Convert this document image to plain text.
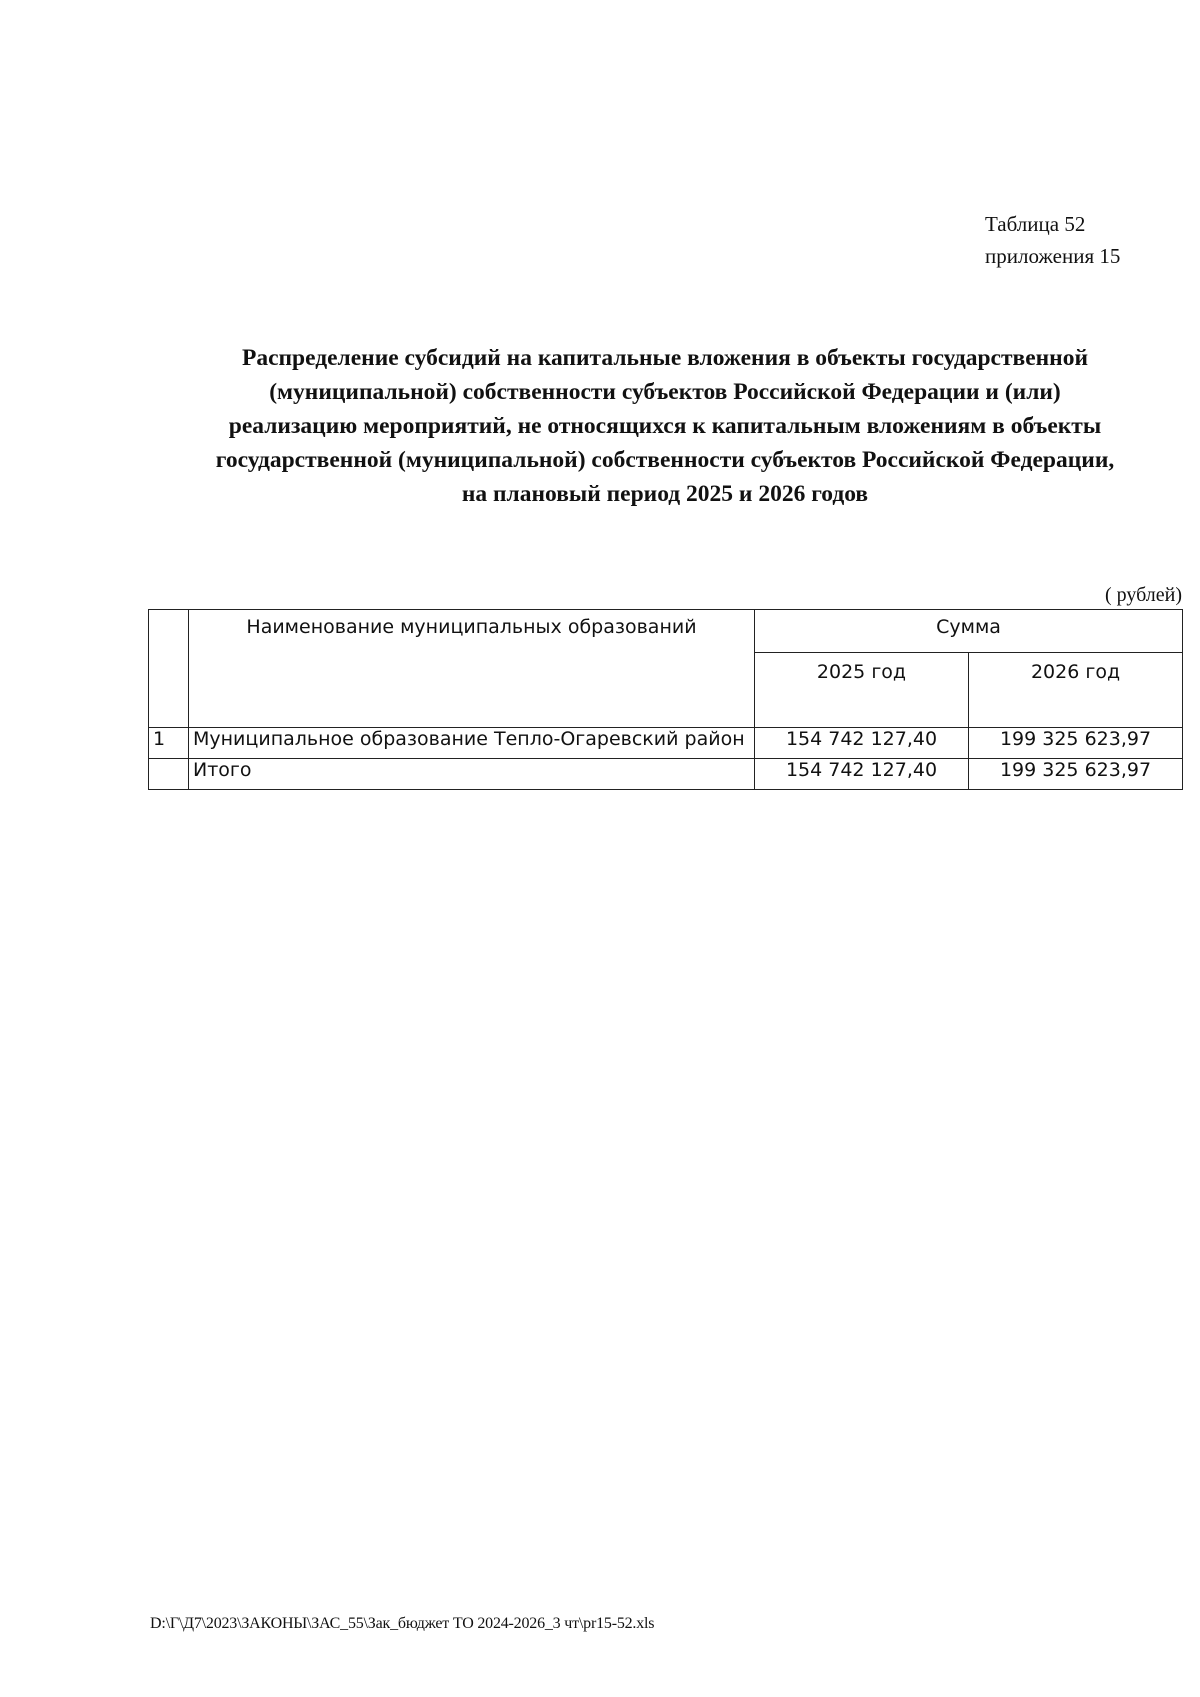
Таблица 52
приложения 15
Распределение субсидий на капитальные вложения в объекты государственной
(муниципальной) собственности субъектов Российской Федерации и (или)
реализацию мероприятий, не относящихся к капитальным вложениям в объекты
государственной (муниципальной) собственности субъектов Российской Федерации,
на плановый период 2025 и 2026 годов
( рублей)
	Наименование муниципальных образований	Сумма	
		2025 год	2026 год
1	Муниципальное образование Тепло-Огаревский район	154 742 127,40	199 325 623,97
	Итого	154 742 127,40	199 325 623,97
D:\Г\Д7\2023\ЗАКОНЫ\ЗАС_55\Зак_бюджет ТО 2024-2026_3 чт\pr15-52.xls
